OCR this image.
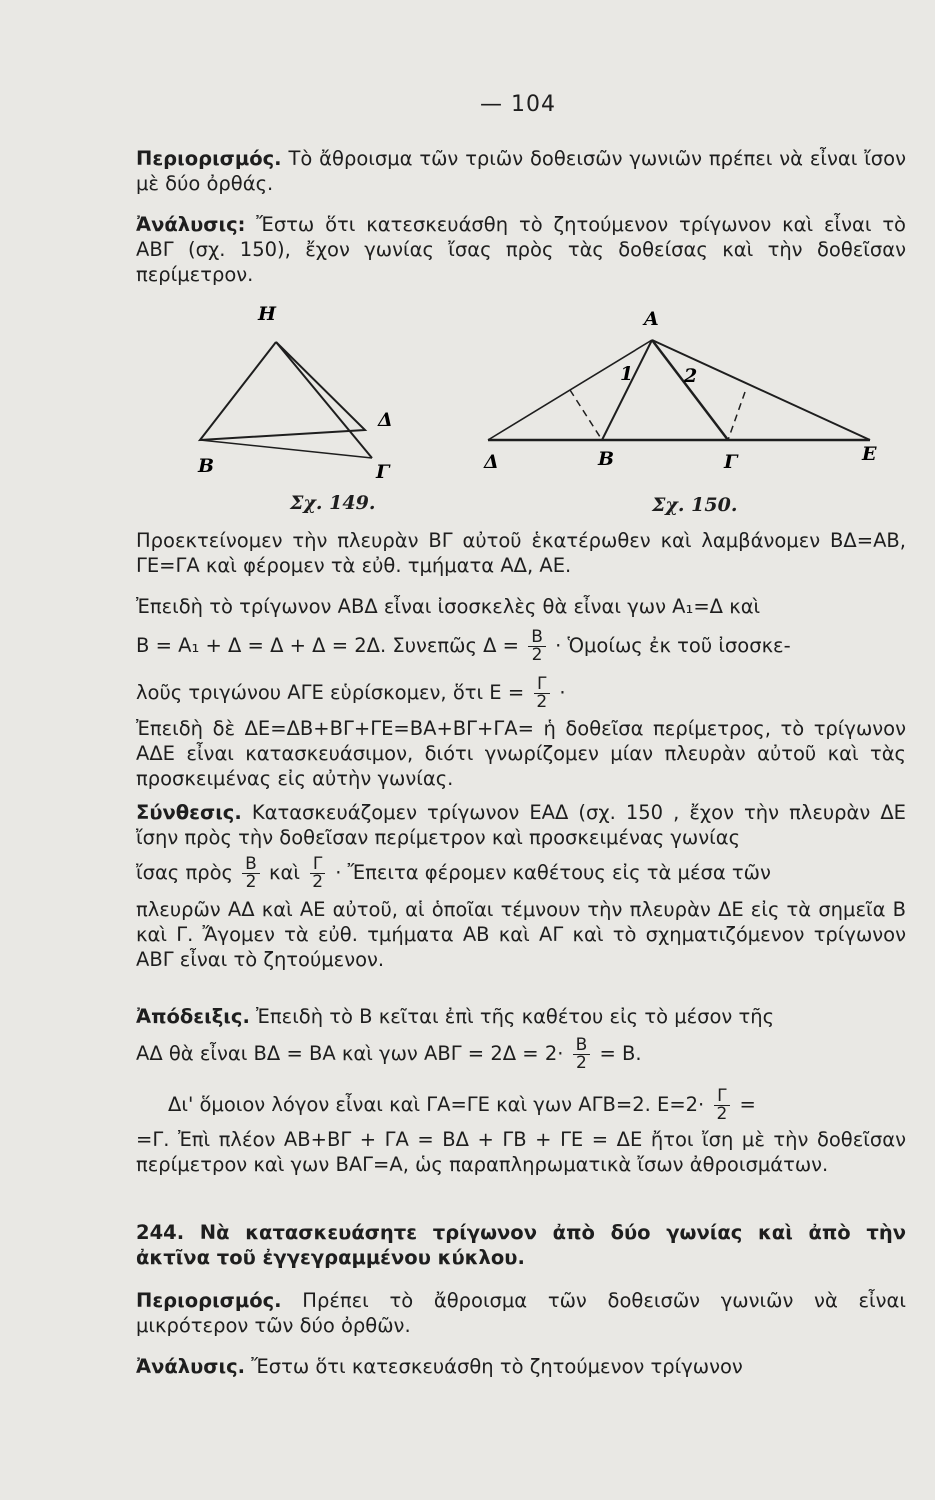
— 104
Περιορισμός. Τὸ ἄθροισμα τῶν τριῶν δοθεισῶν γωνιῶν πρέπει νὰ εἶναι ἴσον μὲ δύο ὀρθάς.
Ἀνάλυσις: Ἔστω ὅτι κατεσκευάσθη τὸ ζητούμενον τρίγωνον καὶ εἶναι τὸ ΑΒΓ (σχ. 150), ἔχον γωνίας ἴσας πρὸς τὰς δοθείσας καὶ τὴν δοθεῖσαν περίμετρον.
Η
Β
Δ
Γ
Σχ. 149.
Α
1	2
Δ	Β	Γ	Ε
Σχ. 150.
Προεκτείνομεν τὴν πλευρὰν ΒΓ αὐτοῦ ἑκατέρωθεν καὶ λαμβάνομεν ΒΔ=ΑΒ, ΓΕ=ΓΑ καὶ φέρομεν τὰ εὐθ. τμήματα ΑΔ, ΑΕ.
Ἐπειδὴ τὸ τρίγωνον ΑΒΔ εἶναι ἰσοσκελὲς θὰ εἶναι γων Α₁=Δ καὶ
Β = Α₁ + Δ = Δ + Δ = 2Δ. Συνεπῶς $\Delta = \frac{B}{2}$ · Ὁμοίως ἐκ τοῦ ἰσοσκε-
λοῦς τριγώνου ΑΓΕ εὑρίσκομεν, ὅτι $E = \frac{\Gamma}{2}$ ·
Ἐπειδὴ δὲ ΔΕ=ΔΒ+ΒΓ+ΓΕ=ΒΑ+ΒΓ+ΓΑ= ἡ δοθεῖσα περίμετρος, τὸ τρίγωνον ΑΔΕ εἶναι κατασκευάσιμον, διότι γνωρίζομεν μίαν πλευρὰν αὐτοῦ καὶ τὰς προσκειμένας εἰς αὐτὴν γωνίας.
Σύνθεσις. Κατασκευάζομεν τρίγωνον ΕΑΔ (σχ. 150 , ἔχον τὴν πλευρὰν ΔΕ ἴσην πρὸς τὴν δοθεῖσαν περίμετρον καὶ προσκειμένας γωνίας
ἴσας πρὸς $\frac{B}{2}$ καὶ $\frac{\Gamma}{2}$ · Ἔπειτα φέρομεν καθέτους εἰς τὰ μέσα τῶν
πλευρῶν ΑΔ καὶ ΑΕ αὐτοῦ, αἱ ὁποῖαι τέμνουν τὴν πλευρὰν ΔΕ εἰς τὰ σημεῖα Β καὶ Γ. Ἄγομεν τὰ εὐθ. τμήματα ΑΒ καὶ ΑΓ καὶ τὸ σχηματιζόμενον τρίγωνον ΑΒΓ εἶναι τὸ ζητούμενον.
Ἀπόδειξις. Ἐπειδὴ τὸ Β κεῖται ἐπὶ τῆς καθέτου εἰς τὸ μέσον τῆς
ΑΔ θὰ εἶναι ΒΔ = ΒΑ καὶ γων $AB\Gamma = 2\Delta = 2\cdot \frac{B}{2} = B$.
Δι' ὅμοιον λόγον εἶναι καὶ ΓΑ=ΓΕ καὶ γων ΑΓΒ=2. $E=2\cdot \frac{\Gamma}{2}$ =
=Γ. Ἐπὶ πλέον ΑΒ+ΒΓ + ΓΑ = ΒΔ + ΓΒ + ΓΕ = ΔΕ ἤτοι ἴση μὲ τὴν δοθεῖσαν περίμετρον καὶ γων ΒΑΓ=Α, ὡς παραπληρωματικὰ ἴσων ἀθροισμάτων.
244. Νὰ κατασκευάσητε τρίγωνον ἀπὸ δύο γωνίας καὶ ἀπὸ τὴν ἀκτῖνα τοῦ ἐγγεγραμμένου κύκλου.
Περιορισμός. Πρέπει τὸ ἄθροισμα τῶν δοθεισῶν γωνιῶν νὰ εἶναι μικρότερον τῶν δύο ὀρθῶν.
Ἀνάλυσις. Ἔστω ὅτι κατεσκευάσθη τὸ ζητούμενον τρίγωνον
